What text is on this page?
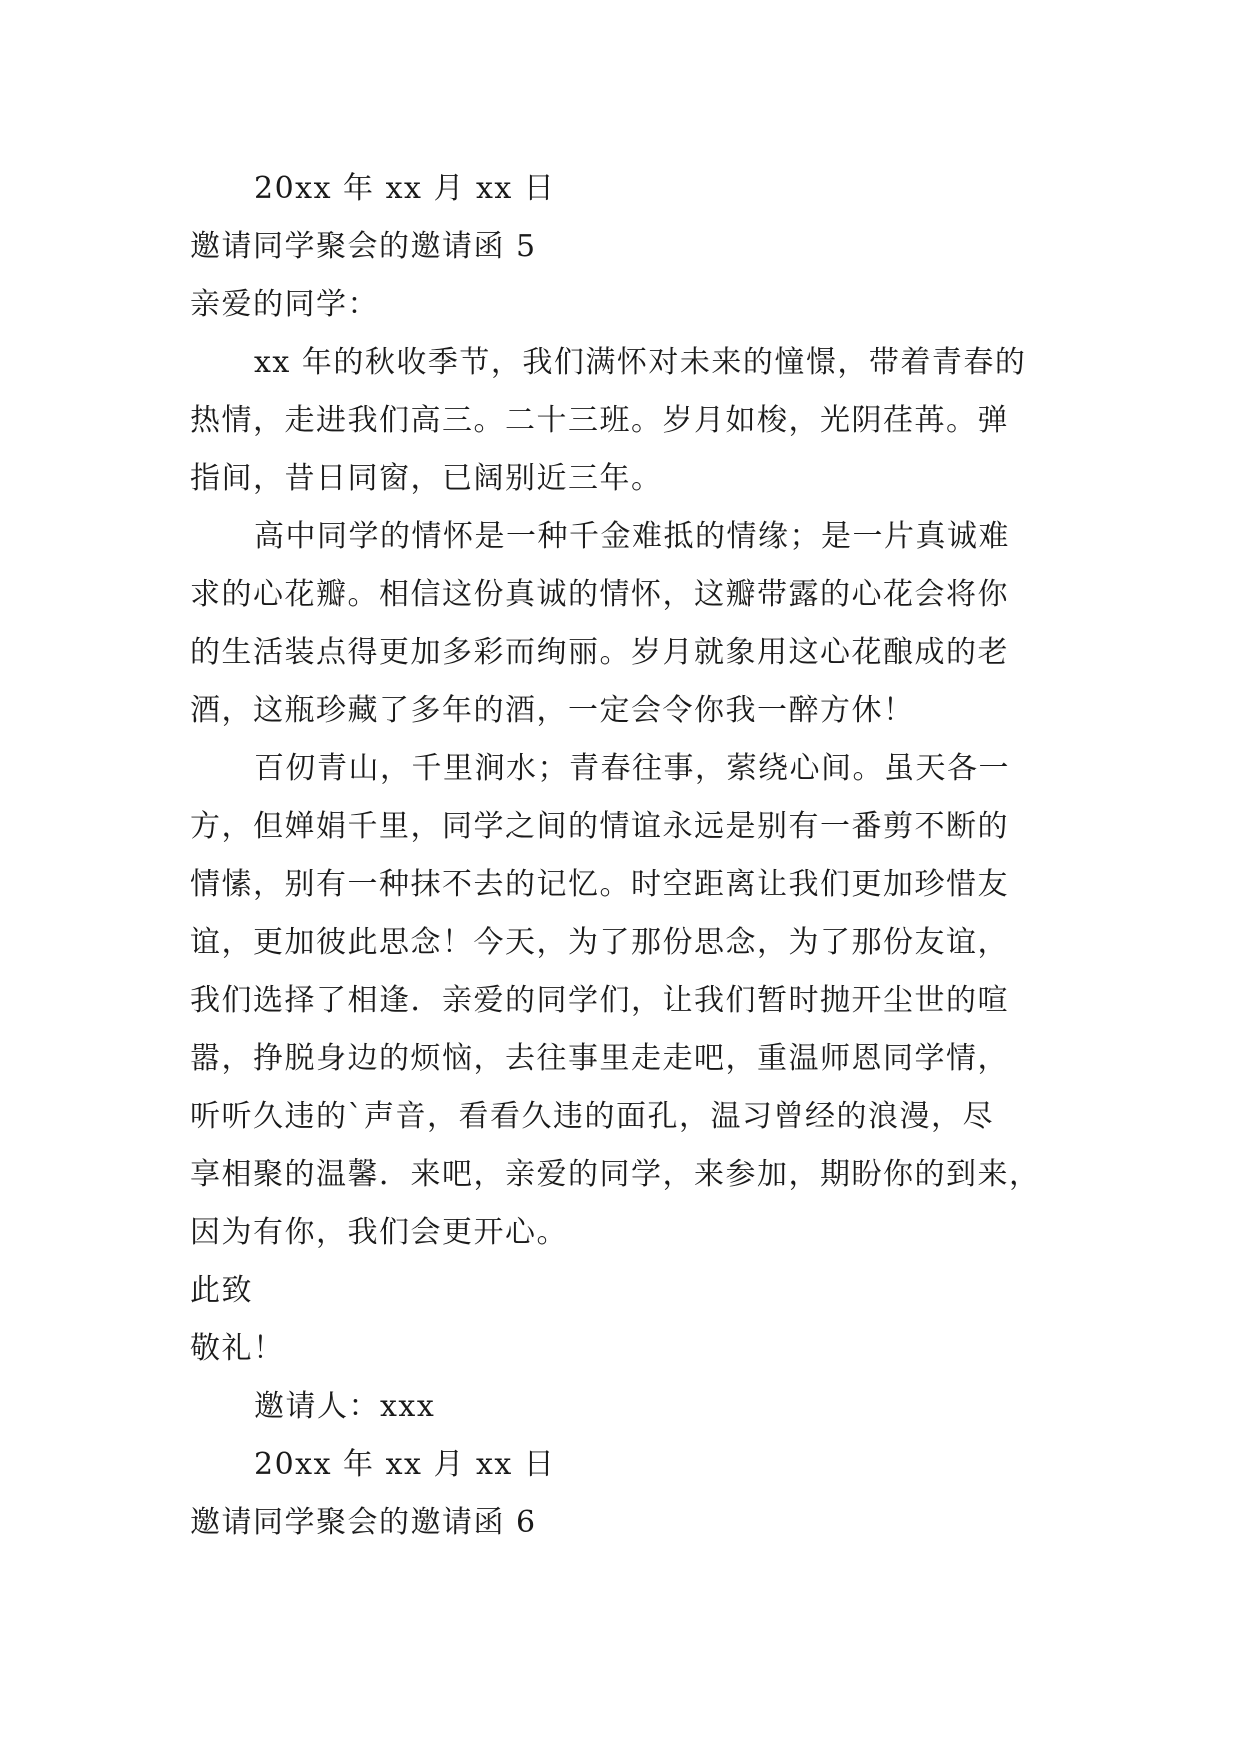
20xx 年 xx 月 xx 日
邀请同学聚会的邀请函 5
亲爱的同学：
xx 年的秋收季节，我们满怀对未来的憧憬，带着青春的
热情，走进我们高三。二十三班。岁月如梭，光阴荏苒。弹
指间，昔日同窗，已阔别近三年。
高中同学的情怀是一种千金难抵的情缘；是一片真诚难
求的心花瓣。相信这份真诚的情怀，这瓣带露的心花会将你
的生活装点得更加多彩而绚丽。岁月就象用这心花酿成的老
酒，这瓶珍藏了多年的酒，一定会令你我一醉方休！
百仞青山，千里涧水；青春往事，萦绕心间。虽天各一
方，但婵娟千里，同学之间的情谊永远是别有一番剪不断的
情愫，别有一种抹不去的记忆。时空距离让我们更加珍惜友
谊，更加彼此思念！今天，为了那份思念，为了那份友谊，
我们选择了相逢．亲爱的同学们，让我们暂时抛开尘世的喧
嚣，挣脱身边的烦恼，去往事里走走吧，重温师恩同学情，
听听久违的`声音，看看久违的面孔，温习曾经的浪漫，尽
享相聚的温馨．来吧，亲爱的同学，来参加，期盼你的到来，
因为有你，我们会更开心。
此致
敬礼！
邀请人：xxx
20xx 年 xx 月 xx 日
邀请同学聚会的邀请函 6
